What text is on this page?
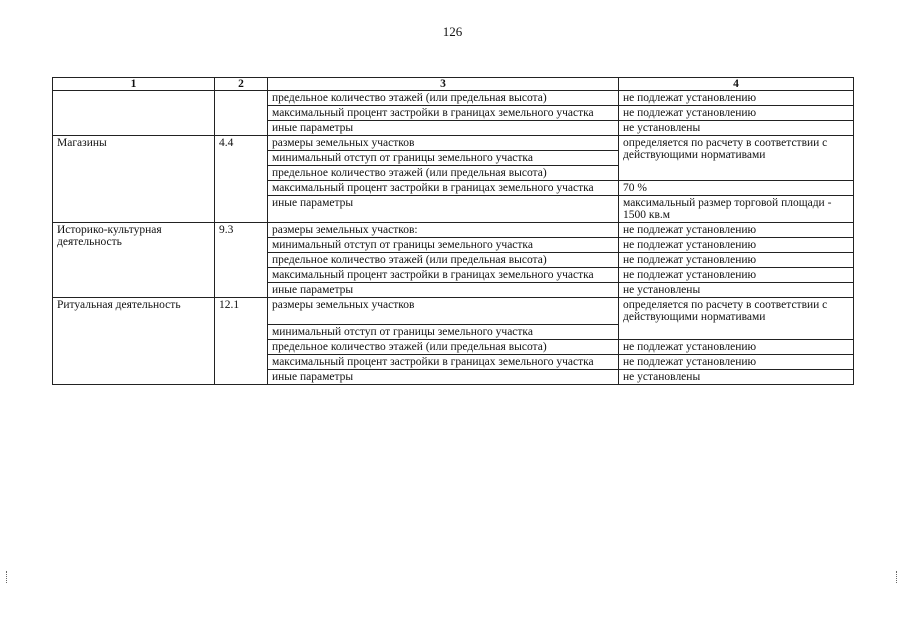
126
1	2	3	4
		предельное количество этажей (или предельная высота)	не подлежат установлению
		максимальный процент застройки в границах земельного участка	не подлежат установлению
		иные параметры	не установлены
Магазины	4.4	размеры земельных участков	определяется по расчету в соответствии с действующими нормативами
		минимальный отступ от границы земельного участка	
		предельное количество этажей (или предельная высота)	
		максимальный процент застройки в границах земельного участка	70 %
		иные параметры	максимальный размер торговой площади - 1500 кв.м
Историко-культурная деятельность	9.3	размеры земельных участков:	не подлежат установлению
		минимальный отступ от границы земельного участка	не подлежат установлению
		предельное количество этажей (или предельная высота)	не подлежат установлению
		максимальный процент застройки в границах земельного участка	не подлежат установлению
		иные параметры	не установлены
Ритуальная деятельность	12.1	размеры земельных участков	определяется по расчету в соответствии с действующими нормативами
		минимальный отступ от границы земельного участка	
		предельное количество этажей (или предельная высота)	не подлежат установлению
		максимальный процент застройки в границах земельного участка	не подлежат установлению
		иные параметры	не установлены
